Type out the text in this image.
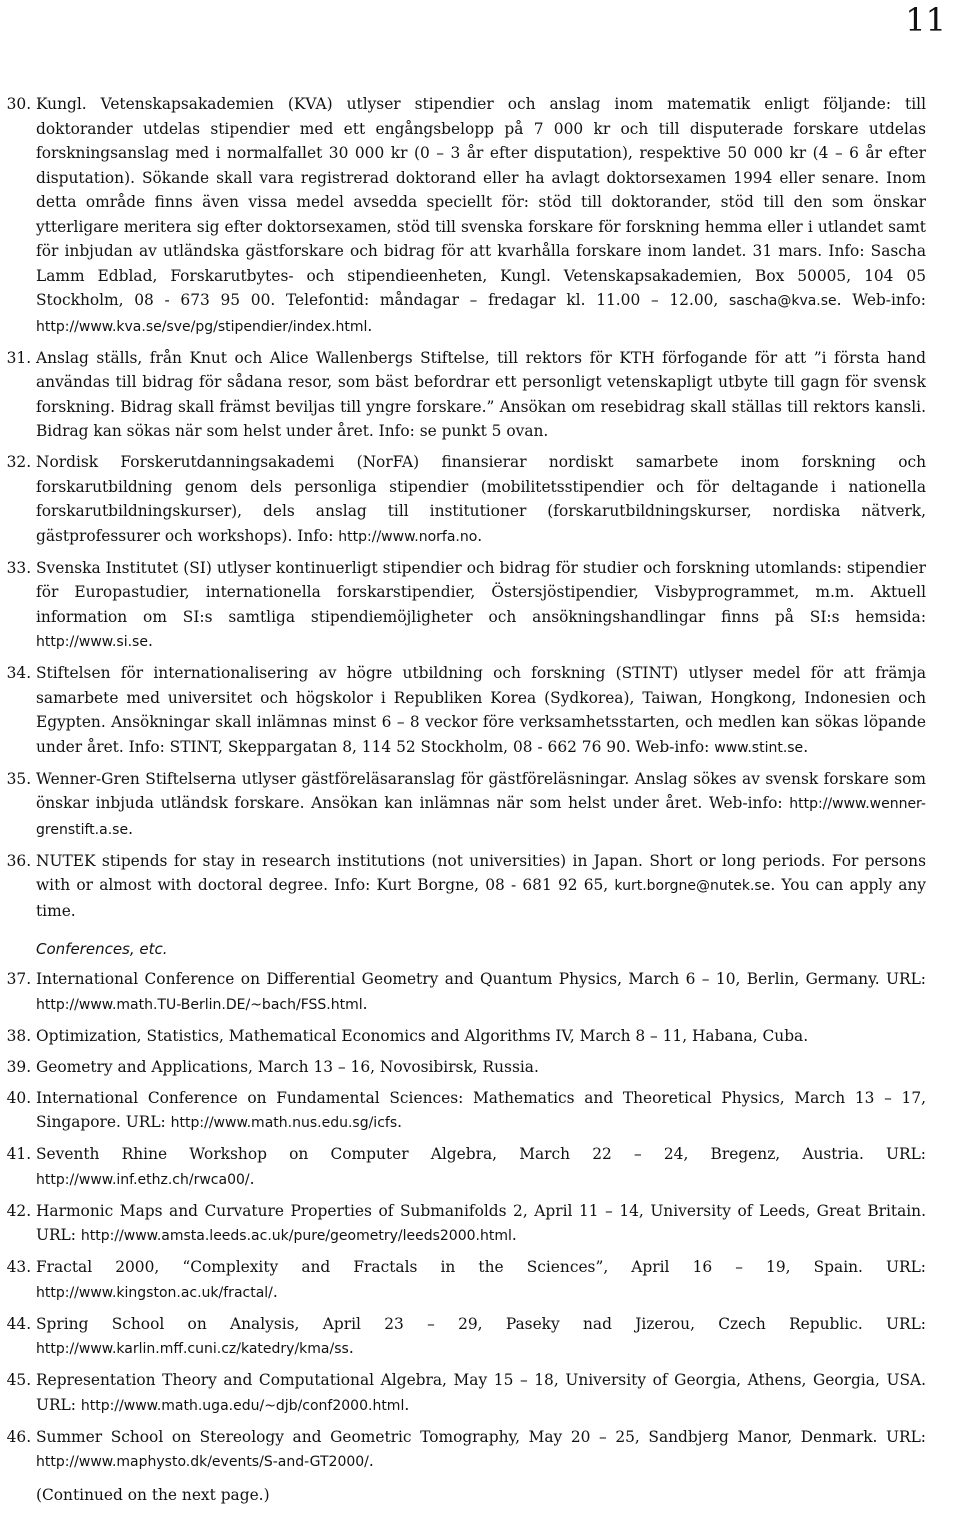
11
30. Kungl. Vetenskapsakademien (KVA) utlyser stipendier och anslag inom matematik enligt följande: till doktorander utdelas stipendier med ett engångsbelopp på 7 000 kr och till disputerade forskare utdelas forskningsanslag med i normalfallet 30 000 kr (0 – 3 år efter disputation), respektive 50 000 kr (4 – 6 år efter disputation). Sökande skall vara registrerad doktorand eller ha avlagt doktorsexamen 1994 eller senare. Inom detta område finns även vissa medel avsedda speciellt för: stöd till doktorander, stöd till den som önskar ytterligare meritera sig efter doktorsexamen, stöd till svenska forskare för forskning hemma eller i utlandet samt för inbjudan av utländska gästforskare och bidrag för att kvarhålla forskare inom landet. 31 mars. Info: Sascha Lamm Edblad, Forskarutbytes- och stipendieenheten, Kungl. Vetenskapsakademien, Box 50005, 104 05 Stockholm, 08 - 673 95 00. Telefontid: måndagar – fredagar kl. 11.00 – 12.00, sascha@kva.se. Web-info: http://www.kva.se/sve/pg/stipendier/index.html.
31. Anslag ställs, från Knut och Alice Wallenbergs Stiftelse, till rektors för KTH förfogande för att ”i första hand användas till bidrag för sådana resor, som bäst befordrar ett personligt vetenskapligt utbyte till gagn för svensk forskning. Bidrag skall främst beviljas till yngre forskare.” Ansökan om resebidrag skall ställas till rektors kansli. Bidrag kan sökas när som helst under året. Info: se punkt 5 ovan.
32. Nordisk Forskerutdanningsakademi (NorFA) finansierar nordiskt samarbete inom forskning och forskarutbildning genom dels personliga stipendier (mobilitetsstipendier och för deltagande i nationella forskarutbildningskurser), dels anslag till institutioner (forskarutbildningskurser, nordiska nätverk, gästprofessurer och workshops). Info: http://www.norfa.no.
33. Svenska Institutet (SI) utlyser kontinuerligt stipendier och bidrag för studier och forskning utomlands: stipendier för Europastudier, internationella forskarstipendier, Östersjöstipendier, Visbyprogrammet, m.m. Aktuell information om SI:s samtliga stipendiemöjligheter och ansökningshandlingar finns på SI:s hemsida: http://www.si.se.
34. Stiftelsen för internationalisering av högre utbildning och forskning (STINT) utlyser medel för att främja samarbete med universitet och högskolor i Republiken Korea (Sydkorea), Taiwan, Hongkong, Indonesien och Egypten. Ansökningar skall inlämnas minst 6 – 8 veckor före verksamhetsstarten, och medlen kan sökas löpande under året. Info: STINT, Skeppargatan 8, 114 52 Stockholm, 08 - 662 76 90. Web-info: www.stint.se.
35. Wenner-Gren Stiftelserna utlyser gästföreläsaranslag för gästföreläsningar. Anslag sökes av svensk forskare som önskar inbjuda utländsk forskare. Ansökan kan inlämnas när som helst under året. Web-info: http://www.wenner-grenstift.a.se.
36. NUTEK stipends for stay in research institutions (not universities) in Japan. Short or long periods. For persons with or almost with doctoral degree. Info: Kurt Borgne, 08 - 681 92 65, kurt.borgne@nutek.se. You can apply any time.
Conferences, etc.
37. International Conference on Differential Geometry and Quantum Physics, March 6 – 10, Berlin, Germany. URL: http://www.math.TU-Berlin.DE/~bach/FSS.html.
38. Optimization, Statistics, Mathematical Economics and Algorithms IV, March 8 – 11, Habana, Cuba.
39. Geometry and Applications, March 13 – 16, Novosibirsk, Russia.
40. International Conference on Fundamental Sciences: Mathematics and Theoretical Physics, March 13 – 17, Singapore. URL: http://www.math.nus.edu.sg/icfs.
41. Seventh Rhine Workshop on Computer Algebra, March 22 – 24, Bregenz, Austria. URL: http://www.inf.ethz.ch/rwca00/.
42. Harmonic Maps and Curvature Properties of Submanifolds 2, April 11 – 14, University of Leeds, Great Britain. URL: http://www.amsta.leeds.ac.uk/pure/geometry/leeds2000.html.
43. Fractal 2000, “Complexity and Fractals in the Sciences”, April 16 – 19, Spain. URL: http://www.kingston.ac.uk/fractal/.
44. Spring School on Analysis, April 23 – 29, Paseky nad Jizerou, Czech Republic. URL: http://www.karlin.mff.cuni.cz/katedry/kma/ss.
45. Representation Theory and Computational Algebra, May 15 – 18, University of Georgia, Athens, Georgia, USA. URL: http://www.math.uga.edu/~djb/conf2000.html.
46. Summer School on Stereology and Geometric Tomography, May 20 – 25, Sandbjerg Manor, Denmark. URL: http://www.maphysto.dk/events/S-and-GT2000/.
(Continued on the next page.)
